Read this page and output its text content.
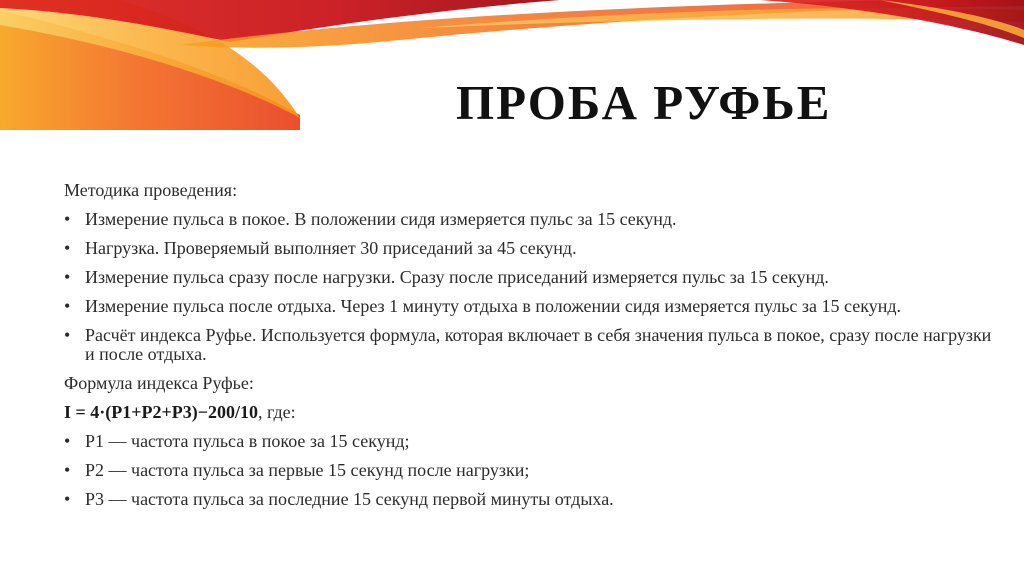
ПРОБА РУФЬЕ

Методика проведения:

• Измерение пульса в покое. В положении сидя измеряется пульс за 15 секунд.
• Нагрузка. Проверяемый выполняет 30 приседаний за 45 секунд.
• Измерение пульса сразу после нагрузки. Сразу после приседаний измеряется пульс за 15 секунд.
• Измерение пульса после отдыха. Через 1 минуту отдыха в положении сидя измеряется пульс за 15 секунд.
• Расчёт индекса Руфье. Используется формула, которая включает в себя значения пульса в покое, сразу после нагрузки и после отдыха.

Формула индекса Руфье:

I = 4·(P1+P2+P3)−200/10, где:

• P1 — частота пульса в покое за 15 секунд;
• P2 — частота пульса за первые 15 секунд после нагрузки;
• P3 — частота пульса за последние 15 секунд первой минуты отдыха.
